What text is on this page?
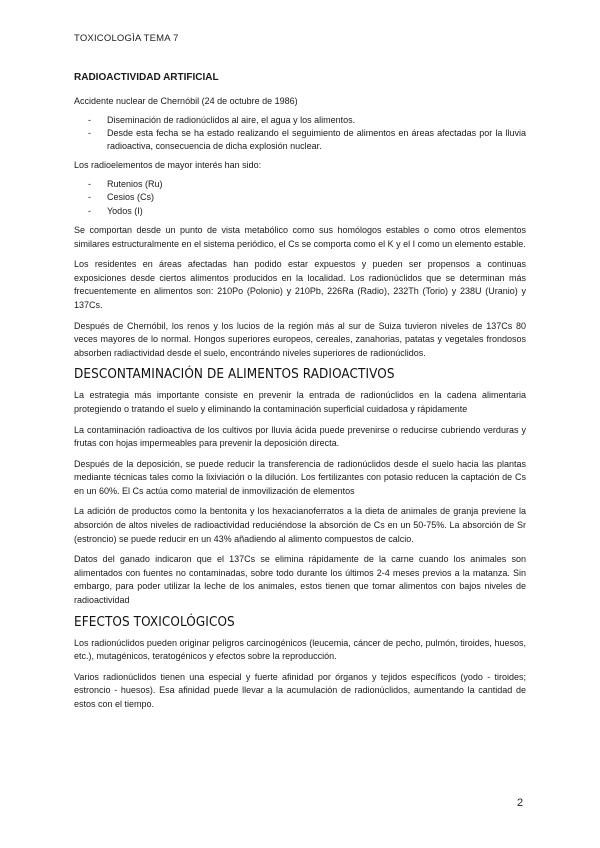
TOXICOLOGÌA TEMA 7
RADIOACTIVIDAD ARTIFICIAL

Accidente nuclear de Chernóbil (24 de octubre de 1986)

- Diseminación de radionúclidos al aire, el agua y los alimentos.
- Desde esta fecha se ha estado realizando el seguimiento de alimentos en áreas afectadas por la lluvia radioactiva, consecuencia de dicha explosión nuclear.

Los radioelementos de mayor interés han sido:

- Rutenios (Ru)
- Cesios (Cs)
- Yodos (I)

Se comportan desde un punto de vista metabólico como sus homólogos estables o como otros elementos similares estructuralmente en el sistema periódico, el Cs se comporta como el K y el I como un elemento estable.

Los residentes en áreas afectadas han podido estar expuestos y pueden ser propensos a continuas exposiciones desde ciertos alimentos producidos en la localidad. Los radionúclidos que se determinan más frecuentemente en alimentos son: 210Po (Polonio) y 210Pb, 226Ra (Radio), 232Th (Torio) y 238U (Uranio) y 137Cs.

Después de Chernóbil, los renos y los lucios de la región más al sur de Suiza tuvieron niveles de 137Cs 80 veces mayores de lo normal. Hongos superiores europeos, cereales, zanahorias, patatas y vegetales frondosos absorben radiactividad desde el suelo, encontrándo niveles superiores de radionúclidos.

DESCONTAMINACIÓN DE ALIMENTOS RADIOACTIVOS

La estrategia más importante consiste en prevenir la entrada de radionúclidos en la cadena alimentaria protegiendo o tratando el suelo y eliminando la contaminación superficial cuidadosa y rápidamente

La contaminación radioactiva de los cultivos por lluvia ácida puede prevenirse o reducirse cubriendo verduras y frutas con hojas impermeables para prevenir la deposición directa.

Después de la deposición, se puede reducir la transferencia de radionúclidos desde el suelo hacia las plantas mediante técnicas tales como la lixiviación o la dilución. Los fertilizantes con potasio reducen la captación de Cs en un 60%. El Cs actúa como material de inmovilización de elementos

La adición de productos como la bentonita y los hexacianoferratos a la dieta de animales de granja previene la absorción de altos niveles de radioactividad reduciéndose la absorción de Cs en un 50-75%. La absorción de Sr (estroncio) se puede reducir en un 43% añadiendo al alimento compuestos de calcio.

Datos del ganado indicaron que el 137Cs se elimina rápidamente de la carne cuando los animales son alimentados con fuentes no contaminadas, sobre todo durante los últimos 2-4 meses previos a la matanza. Sin embargo, para poder utilizar la leche de los animales, estos tienen que tomar alimentos con bajos niveles de radioactividad

EFECTOS TOXICOLÓGICOS

Los radionúclidos pueden originar peligros carcinogénicos (leucemia, cáncer de pecho, pulmón, tiroides, huesos, etc.), mutagénicos, teratogénicos y efectos sobre la reproducción.

Varios radionúclidos tienen una especial y fuerte afinidad por órganos y tejidos específicos (yodo - tiroides; estroncio - huesos). Esa afinidad puede llevar a la acumulación de radionúclidos, aumentando la cantidad de estos con el tiempo.

2
